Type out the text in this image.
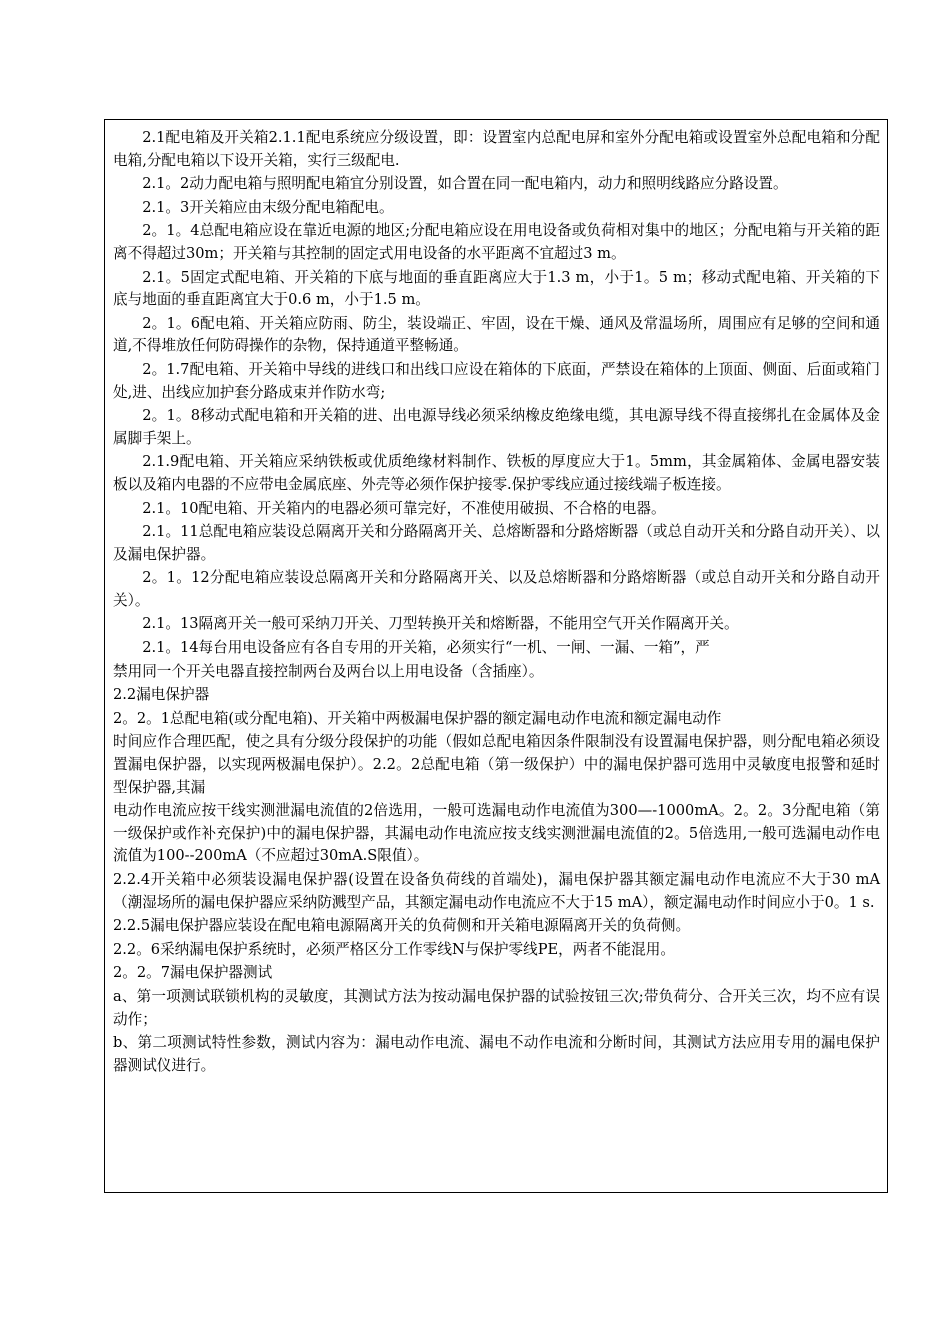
2.1配电箱及开关箱2.1.1配电系统应分级设置，即：设置室内总配电屏和室外分配电箱或设置室外总配电箱和分配电箱,分配电箱以下设开关箱，实行三级配电.

2.1。2动力配电箱与照明配电箱宜分别设置，如合置在同一配电箱内，动力和照明线路应分路设置。

2.1。3开关箱应由末级分配电箱配电。

2。1。4总配电箱应设在靠近电源的地区;分配电箱应设在用电设备或负荷相对集中的地区；分配电箱与开关箱的距离不得超过30m；开关箱与其控制的固定式用电设备的水平距离不宜超过3 m。

2.1。5固定式配电箱、开关箱的下底与地面的垂直距离应大于1.3 m，小于1。5 m；移动式配电箱、开关箱的下底与地面的垂直距离宜大于0.6 m，小于1.5 m。

2。1。6配电箱、开关箱应防雨、防尘，装设端正、牢固，设在干燥、通风及常温场所，周围应有足够的空间和通道,不得堆放任何防碍操作的杂物，保持通道平整畅通。

2。1.7配电箱、开关箱中导线的进线口和出线口应设在箱体的下底面，严禁设在箱体的上顶面、侧面、后面或箱门处,进、出线应加护套分路成束并作防水弯;

2。1。8移动式配电箱和开关箱的进、出电源导线必须采纳橡皮绝缘电缆，其电源导线不得直接绑扎在金属体及金属脚手架上。

2.1.9配电箱、开关箱应采纳铁板或优质绝缘材料制作、铁板的厚度应大于1。5mm，其金属箱体、金属电器安装板以及箱内电器的不应带电金属底座、外壳等必须作保护接零.保护零线应通过接线端子板连接。

2.1。10配电箱、开关箱内的电器必须可靠完好，不准使用破损、不合格的电器。

2.1。11总配电箱应装设总隔离开关和分路隔离开关、总熔断器和分路熔断器（或总自动开关和分路自动开关）、以及漏电保护器。

2。1。12分配电箱应装设总隔离开关和分路隔离开关、以及总熔断器和分路熔断器（或总自动开关和分路自动开关）。

2.1。13隔离开关一般可采纳刀开关、刀型转换开关和熔断器，不能用空气开关作隔离开关。

2.1。14每台用电设备应有各自专用的开关箱，必须实行“一机、一闸、一漏、一箱”，严

禁用同一个开关电器直接控制两台及两台以上用电设备（含插座）。

2.2漏电保护器

2。2。1总配电箱(或分配电箱)、开关箱中两极漏电保护器的额定漏电动作电流和额定漏电动作

时间应作合理匹配，使之具有分级分段保护的功能（假如总配电箱因条件限制没有设置漏电保护器，则分配电箱必须设置漏电保护器，以实现两极漏电保护）。2.2。2总配电箱（第一级保护）中的漏电保护器可选用中灵敏度电报警和延时型保护器,其漏

电动作电流应按干线实测泄漏电流值的2倍选用，一般可选漏电动作电流值为300—-1000mA。2。2。3分配电箱（第一级保护或作补充保护)中的漏电保护器，其漏电动作电流应按支线实测泄漏电流值的2。5倍选用,一般可选漏电动作电流值为100--200mA（不应超过30mA.S限值）。

2.2.4开关箱中必须装设漏电保护器(设置在设备负荷线的首端处)，漏电保护器其额定漏电动作电流应不大于30 mA（潮湿场所的漏电保护器应采纳防溅型产品，其额定漏电动作电流应不大于15 mA），额定漏电动作时间应小于0。1 s.

2.2.5漏电保护器应装设在配电箱电源隔离开关的负荷侧和开关箱电源隔离开关的负荷侧。

2.2。6采纳漏电保护系统时，必须严格区分工作零线N与保护零线PE，两者不能混用。

2。2。7漏电保护器测试

a、第一项测试联锁机构的灵敏度，其测试方法为按动漏电保护器的试验按钮三次;带负荷分、合开关三次，均不应有误动作；

b、第二项测试特性参数，测试内容为：漏电动作电流、漏电不动作电流和分断时间，其测试方法应用专用的漏电保护器测试仪进行。
